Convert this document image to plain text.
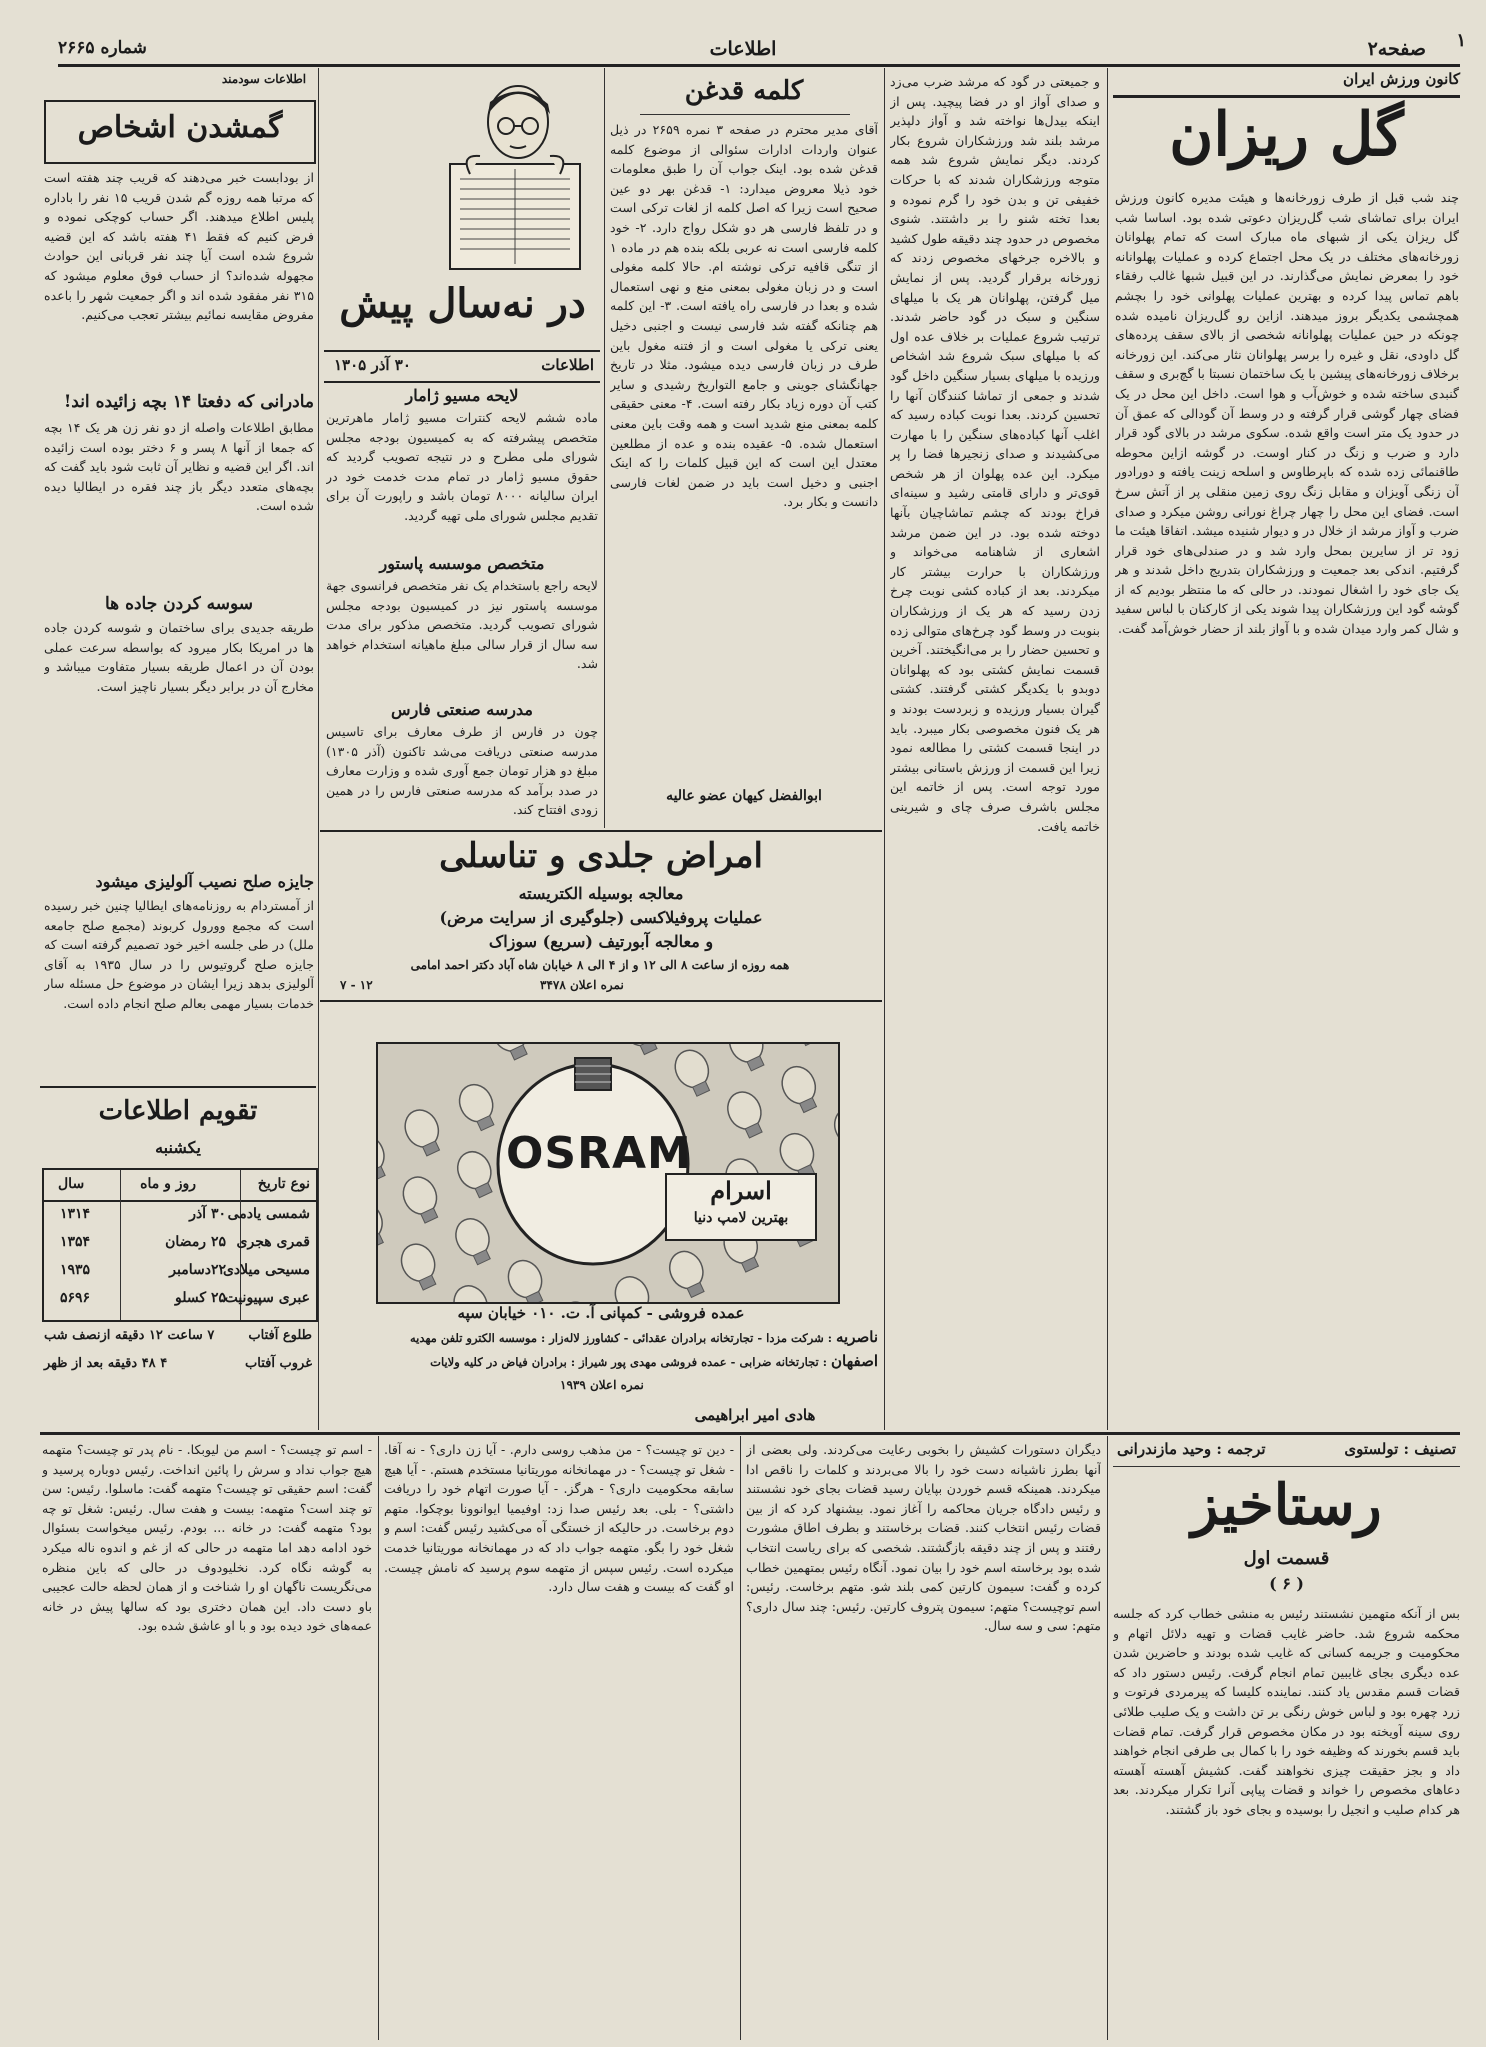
۱
صفحه۲
اطلاعات
شماره ۲۶۶۵
کانون ورزش ایران
گل ریزان
چند شب قبل از طرف زورخانه‌ها و هیئت مدیره کانون ورزش ایران برای تماشای شب گل‌ریزان دعوتی شده بود. اساسا شب گل ریزان یکی از شبهای ماه مبارک است که تمام پهلوانان زورخانه‌های مختلف در یک محل اجتماع کرده و عملیات پهلوانانه خود را بمعرض نمایش می‌گذارند. در این قبیل شبها غالب رفقاء باهم تماس پیدا کرده و بهترین عملیات پهلوانی خود را بچشم همچشمی یکدیگر بروز میدهند. ازاین رو گل‌ریزان نامیده شده چونکه در حین عملیات پهلوانانه شخصی از بالای سقف پرده‌های گل داودی، نقل و غیره را برسر پهلوانان نثار می‌کند. این زورخانه برخلاف زورخانه‌های پیشین با یک ساختمان نسبتا با گچ‌بری و سقف گنبدی ساخته شده و خوش‌آب و هوا است. داخل این محل در یک فضای چهار گوشی قرار گرفته و در وسط آن گودالی که عمق آن در حدود یک متر است واقع شده. سکوی مرشد در بالای گود قرار دارد و ضرب و زنگ در کنار اوست. در گوشه ازاین محوطه طاقنمائی زده شده که باپرطاوس و اسلحه زینت یافته و دورادور آن زنگی آویزان و مقابل زنگ روی زمین منقلی پر از آتش سرخ است. فضای این محل را چهار چراغ نورانی روشن میکرد و صدای ضرب و آواز مرشد از خلال در و دیوار شنیده میشد. اتفاقا هیئت ما زود تر از سایرین بمحل وارد شد و در صندلی‌های خود قرار گرفتیم. اندکی بعد جمعیت و ورزشکاران بتدریج داخل شدند و هر یک جای خود را اشغال نمودند. در حالی که ما منتظر بودیم که از گوشه گود این ورزشکاران پیدا شوند یکی از کارکنان با لباس سفید و شال کمر وارد میدان شده و با آواز بلند از حضار خوش‌آمد گفت.
و جمیعتی در گود که مرشد ضرب می‌زد و صدای آواز او در فضا پیچید. پس از اینکه بیدل‌ها نواخته شد و آواز دلپذیر مرشد بلند شد ورزشکاران شروع بکار کردند. دیگر نمایش شروع شد همه متوجه ورزشکاران شدند که با حرکات خفیفی تن و بدن خود را گرم نموده و بعدا تخته شنو را بر داشتند. شنوی مخصوص در حدود چند دقیقه طول کشید و بالاخره جرخهای مخصوص زدند که زورخانه برقرار گردید. پس از نمایش میل گرفتن، پهلوانان هر یک با میلهای سنگین و سبک در گود حاضر شدند. ترتیب شروع عملیات بر خلاف عده اول که با میلهای سبک شروع شد اشخاص ورزیده با میلهای بسیار سنگین داخل گود شدند و جمعی از تماشا کنندگان آنها را تحسین کردند. بعدا نوبت کباده رسید که اغلب آنها کباده‌های سنگین را با مهارت می‌کشیدند و صدای زنجیرها فضا را پر میکرد. این عده پهلوان از هر شخص قوی‌تر و دارای قامتی رشید و سینه‌ای فراخ بودند که چشم تماشاچیان بآنها دوخته شده بود. در این ضمن مرشد اشعاری از شاهنامه می‌خواند و ورزشکاران با حرارت بیشتر کار میکردند. بعد از کباده کشی نوبت چرخ زدن رسید که هر یک از ورزشکاران بنوبت در وسط گود چرخ‌های متوالی زده و تحسین حضار را بر می‌انگیختند. آخرین قسمت نمایش کشتی بود که پهلوانان دوبدو با یکدیگر کشتی گرفتند. کشتی گیران بسیار ورزیده و زبردست بودند و هر یک فنون مخصوصی بکار میبرد. باید در اینجا قسمت کشتی را مطالعه نمود زیرا این قسمت از ورزش باستانی بیشتر مورد توجه است. پس از خاتمه این مجلس باشرف صرف چای و شیرینی خاتمه یافت.
کلمه قدغن
آقای مدیر محترم در صفحه ۳ نمره ۲۶۵۹ در ذیل عنوان واردات ادارات سئوالی از موضوع کلمه قدغن شده بود. اینک جواب آن را طبق معلومات خود ذیلا معروض میدارد: ۱- قدغن بهر دو عین صحیح است زیرا که اصل کلمه از لغات ترکی است و در تلفظ فارسی هر دو شکل رواج دارد. ۲- خود کلمه فارسی است نه عربی بلکه بنده هم در ماده ۱ از تنگی قافیه ترکی نوشته ام. حالا کلمه مغولی است و در زبان مغولی بمعنی منع و نهی استعمال شده و بعدا در فارسی راه یافته است. ۳- این کلمه هم چنانکه گفته شد فارسی نیست و اجنبی دخیل یعنی ترکی یا مغولی است و از فتنه مغول باین طرف در زبان فارسی دیده میشود. مثلا در تاریخ جهانگشای جوینی و جامع التواریخ رشیدی و سایر کتب آن دوره زیاد بکار رفته است. ۴- معنی حقیقی کلمه بمعنی منع شدید است و همه وقت باین معنی استعمال شده. ۵- عقیده بنده و عده از مطلعین معتدل این است که این قبیل کلمات را که اینک اجنبی و دخیل است باید در ضمن لغات فارسی دانست و بکار برد.
ابوالفضل کیهان عضو عالیه
در نه‌سال پیش
اطلاعات
۳۰ آذر ۱۳۰۵
لایحه مسیو ژامار
ماده ششم لایحه کنترات مسیو ژامار ماهرترین متخصص پیشرفته که به کمیسیون بودجه مجلس شورای ملی مطرح و در نتیجه تصویب گردید که حقوق مسیو ژامار در تمام مدت خدمت خود در ایران سالیانه ۸۰۰۰ تومان باشد و راپورت آن برای تقدیم مجلس شورای ملی تهیه گردید.
متخصص موسسه پاستور
لایحه راجع باستخدام یک نفر متخصص فرانسوی جهة موسسه پاستور نیز در کمیسیون بودجه مجلس شورای تصویب گردید. متخصص مذکور برای مدت سه سال از قرار سالی مبلغ ماهیانه استخدام خواهد شد.
مدرسه صنعتی فارس
چون در فارس از طرف معارف برای تاسیس مدرسه صنعتی دریافت می‌شد تاکنون (آذر ۱۳۰۵) مبلغ دو هزار تومان جمع آوری شده و وزارت معارف در صدد برآمد که مدرسه صنعتی فارس را در همین زودی افتتاح کند.
اطلاعات سودمند
گمشدن اشخاص
از بودابست خبر می‌دهند که قریب چند هفته است که مرتبا همه روزه گم شدن قریب ۱۵ نفر را باداره پلیس اطلاع میدهند. اگر حساب کوچکی نموده و فرض کنیم که فقط ۴۱ هفته باشد که این قضیه شروع شده است آیا چند نفر قربانی این حوادث مجهوله شده‌اند؟ از حساب فوق معلوم میشود که ۳۱۵ نفر مفقود شده اند و اگر جمعیت شهر را باعده مفروض مقایسه نمائیم بیشتر تعجب می‌کنیم.
مادرانی که دفعتا ۱۴ بچه زائیده اند!
مطابق اطلاعات واصله از دو نفر زن هر یک ۱۴ بچه که جمعا از آنها ۸ پسر و ۶ دختر بوده است زائیده اند. اگر این قضیه و نظایر آن ثابت شود باید گفت که بچه‌های متعدد دیگر باز چند فقره در ایطالیا دیده شده است.
سوسه کردن جاده ها
طریقه جدیدی برای ساختمان و شوسه کردن جاده ها در امریکا بکار میرود که بواسطه سرعت عملی بودن آن در اعمال طریقه بسیار متفاوت میباشد و مخارج آن در برابر دیگر بسیار ناچیز است.
جایزه صلح نصیب آلولیزی میشود
از آمستردام به روزنامه‌های ایطالیا چنین خبر رسیده است که مجمع وورول کربوند (مجمع صلح جامعه ملل) در طی جلسه اخیر خود تصمیم گرفته است که جایزه صلح گروتیوس را در سال ۱۹۳۵ به آقای آلولیزی بدهد زیرا ایشان در موضوع حل مسئله سار خدمات بسیار مهمی بعالم صلح انجام داده است.
تقویم اطلاعات
یکشنبه
نوع تاریخ
روز و ماه
سال
شمسی یادمی
۳۰ آذر
۱۳۱۴
قمری هجری
۲۵ رمضان
۱۳۵۴
مسیحی میلادی
۲۲دسامبر
۱۹۳۵
عبری سپیونیت
۲۵ کسلو
۵۶۹۶
طلوع آفتاب
۷ ساعت ۱۲ دقیقه ازنصف شب
غروب آفتاب
۴ ۴۸ دقیقه بعد از ظهر
امراض جلدی و تناسلی
معالجه بوسیله الکتریسته
عملیات پروفیلاکسی (جلوگیری از سرایت مرض)
و معالجه آبورتیف (سریع) سوزاک
همه روزه از ساعت ۸ الی ۱۲ و از ۴ الی ۸ خیابان شاه آباد دکتر احمد امامی
نمره اعلان ۳۴۷۸
۱۲ - ۷
OSRAM
اسرام
بهترین لامپ دنیا
عمده فروشی - کمپانی آ. ت. ۰۱۰ خیابان سپه
ناصریه : شرکت مزدا - تجارتخانه برادران عقدائی - کشاورز لاله‌زار : موسسه الکترو تلفن مهدیه
اصفهان : تجارتخانه ضرابی - عمده فروشی مهدی پور شیراز : برادران فیاض در کلیه ولایات
نمره اعلان ۱۹۳۹
هادی امیر ابراهیمی
تصنیف : تولستوی
ترجمه : وحید مازندرانی
رستاخیز
قسمت اول
( ۶ )
بس از آنکه متهمین نشستند رئیس به منشی خطاب کرد که جلسه محکمه شروع شد. حاضر غایب قضات و تهیه دلائل اتهام و محکومیت و جریمه کسانی که غایب شده بودند و حاضرین شدن عده دیگری بجای غایبین تمام انجام گرفت. رئیس دستور داد که قضات قسم مقدس یاد کنند. نماینده کلیسا که پیرمردی فرتوت و زرد چهره بود و لباس خوش رنگی بر تن داشت و یک صلیب طلائی روی سینه آویخته بود در مکان مخصوص قرار گرفت. تمام قضات باید قسم بخورند که وظیفه خود را با کمال بی طرفی انجام خواهند داد و بجز حقیقت چیزی نخواهند گفت. کشیش آهسته آهسته دعاهای مخصوص را خواند و قضات پیاپی آنرا تکرار میکردند. بعد هر کدام صلیب و انجیل را بوسیده و بجای خود باز گشتند.
دیگران دستورات کشیش را بخوبی رعایت می‌کردند. ولی بعضی از آنها بطرز ناشیانه دست خود را بالا می‌بردند و کلمات را ناقص ادا میکردند. همینکه قسم خوردن بپایان رسید قضات بجای خود نشستند و رئیس دادگاه جریان محاکمه را آغاز نمود. بیشنهاد کرد که از بین قضات رئیس انتخاب کنند. قضات برخاستند و بطرف اطاق مشورت رفتند و پس از چند دقیقه بازگشتند. شخصی که برای ریاست انتخاب شده بود برخاسته اسم خود را بیان نمود. آنگاه رئیس بمتهمین خطاب کرده و گفت: سیمون کارتین کمی بلند شو. متهم برخاست. رئیس: اسم توچیست؟ متهم: سیمون پتروف کارتین. رئیس: چند سال داری؟ متهم: سی و سه سال.
- دین تو چیست؟ - من مذهب روسی دارم. - آیا زن داری؟ - نه آقا. - شغل تو چیست؟ - در مهمانخانه موریتانیا مستخدم هستم. - آیا هیچ سابقه محکومیت داری؟ - هرگز. - آیا صورت اتهام خود را دریافت داشتی؟ - بلی. بعد رئیس صدا زد: اوفیمیا ایوانوونا بوچکوا. متهم دوم برخاست. در حالیکه از خستگی آه می‌کشید رئیس گفت: اسم و شغل خود را بگو. متهمه جواب داد که در مهمانخانه موریتانیا خدمت میکرده است. رئیس سپس از متهمه سوم پرسید که نامش چیست. او گفت که بیست و هفت سال دارد.
- اسم تو چیست؟ - اسم من لیوبکا. - نام پدر تو چیست؟ متهمه هیچ جواب نداد و سرش را پائین انداخت. رئیس دوباره پرسید و گفت: اسم حقیقی تو چیست؟ متهمه گفت: ماسلوا. رئیس: سن تو چند است؟ متهمه: بیست و هفت سال. رئیس: شغل تو چه بود؟ متهمه گفت: در خانه ... بودم. رئیس میخواست بسئوال خود ادامه دهد اما متهمه در حالی که از غم و اندوه ناله میکرد به گوشه نگاه کرد. نخلیودوف در حالی که باین منظره می‌نگریست ناگهان او را شناخت و از همان لحظه حالت عجیبی باو دست داد. این همان دختری بود که سالها پیش در خانه عمه‌های خود دیده بود و با او عاشق شده بود.
